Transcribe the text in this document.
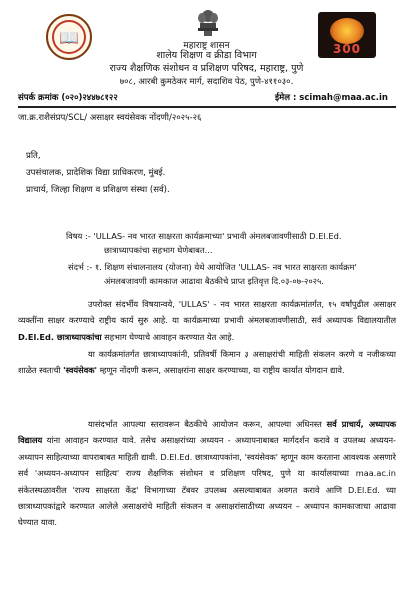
📖
300
महाराष्ट्र शासन
शालेय शिक्षण व क्रीडा विभाग
राज्य शैक्षणिक संशोधन व प्रशिक्षण परिषद, महाराष्ट्र, पुणे
७०८, आरबी कुमठेकर मार्ग, सदाशिव पेठ, पुणे-४११०३०.
संपर्क क्रमांक (०२०)२४४७८१२२	ईमेल : scimah@maa.ac.in
जा.क्र.राशैसंप्रप/SCL/ असाक्षर स्वयंसेवक नोंदणी/२०२५-२६
प्रति,
उपसंचालक, प्रादेशिक विद्या प्राधिकरण, मुंबई.
प्राचार्य, जिल्हा शिक्षण व प्रशिक्षण संस्था (सर्व).
विषय :- 'ULLAS- नव भारत साक्षरता कार्यक्रमाच्या' प्रभावी अंमलबजावणीसाठी D.El.Ed.
छात्राध्यापकांचा सहभाग घेणेबाबत...
संदर्भ :- १. शिक्षण संचालनालय (योजना) येथे आयोजित 'ULLAS- नव भारत साक्षरता कार्यक्रम'
अंमलबजावणी कामकाज आढावा बैठकीचे प्राप्त इतिवृत्त दि.०३-०७-२०२५.
उपरोक्त संदर्भीय विषयान्वये, 'ULLAS' - नव भारत साक्षरता कार्यक्रमांतर्गत, १५ वर्षांपुढील असाक्षर व्यक्तींना साक्षर करण्याचे राष्ट्रीय कार्य सुरु आहे. या कार्यक्रमाच्या प्रभावी अंमलबजावणीसाठी, सर्व अध्यापक विद्यालयातील D.El.Ed. छात्राध्यापकांचा सहभाग घेण्याचे आवाहन करण्यात येत आहे.
या कार्यक्रमांतर्गत छात्राध्यापकांनी, प्रतिवर्षी किमान ३ असाक्षरांची माहिती संकलन करणे व नजीकच्या शाळेत स्वतःची 'स्वयंसेवक' म्हणून नोंदणी करून, असाक्षरांना साक्षर करण्याच्या, या राष्ट्रीय कार्यात योगदान द्यावे.
यासंदर्भात आपल्या स्तरावरून बैठकीचे आयोजन करून, आपल्या अधिनस्त सर्व प्राचार्य, अध्यापक विद्यालय यांना आवाहन करण्यात यावे. तसेच असाक्षरांच्या अध्ययन - अध्यापनाबाबत मार्गदर्शन करावे व उपलब्ध अध्ययन-अध्यापन साहित्याच्या वापराबाबत माहिती द्यावी. D.El.Ed. छात्राध्यापकांना, 'स्वयंसेवक' म्हणून काम करताना आवश्यक असणारे सर्व 'अध्ययन-अध्यापन साहित्य' राज्य शैक्षणिक संशोधन व प्रशिक्षण परिषद, पुणे या कार्यालयाच्या maa.ac.in संकेतस्थळावरील 'राज्य साक्षरता केंद्र' विभागाच्या टॅबवर उपलब्ध असल्याबाबत अवगत करावे आणि D.El.Ed. च्या छात्राध्यापकांद्वारे करण्यात आलेले असाक्षरांचे माहिती संकलन व असाक्षरांसाठीच्या अध्ययन – अध्यापन कामकाजाचा आढावा घेण्यात यावा.
